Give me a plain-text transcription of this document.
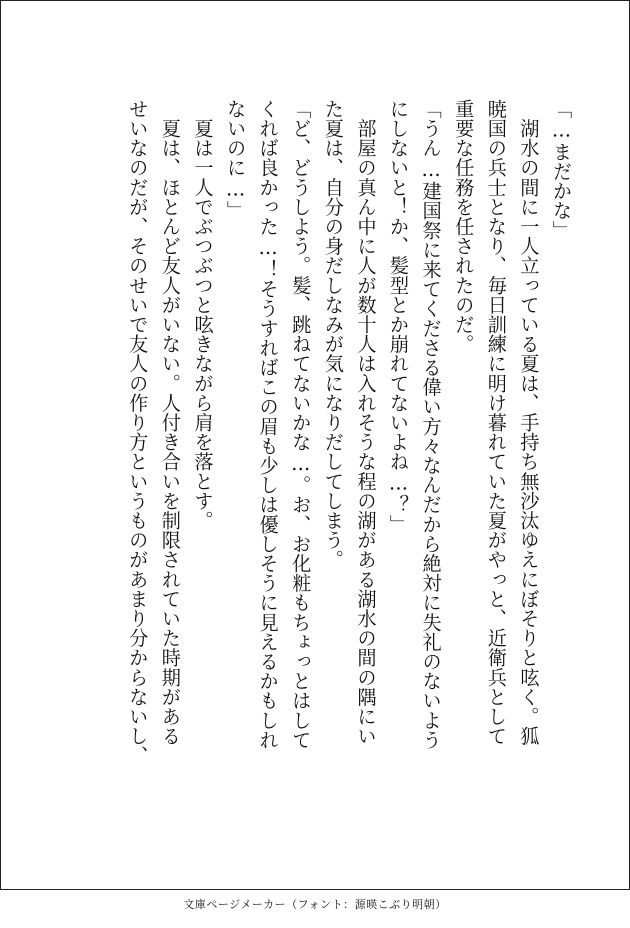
「…まだかな」
　湖水の間に一人立っている夏は、手持ち無沙汰ゆえにぼそりと呟く。狐
暁国の兵士となり、毎日訓練に明け暮れていた夏がやっと、近衛兵として
重要な任務を任されたのだ。
「うん…建国祭に来てくださる偉い方々なんだから絶対に失礼のないよう
にしないと！か、髪型とか崩れてないよね…？」
　部屋の真ん中に人が数十人は入れそうな程の湖がある湖水の間の隅にい
た夏は、自分の身だしなみが気になりだしてしまう。
「ど、どうしよう。髪、跳ねてないかな…。お、お化粧もちょっとはして
くれば良かった…！そうすればこの眉も少しは優しそうに見えるかもしれ
ないのに…」
　夏は一人でぶつぶつと呟きながら肩を落とす。
　夏は、ほとんど友人がいない。人付き合いを制限されていた時期がある
せいなのだが、そのせいで友人の作り方というものがあまり分からないし、
文庫ページメーカー（フォント：源暎こぶり明朝）
